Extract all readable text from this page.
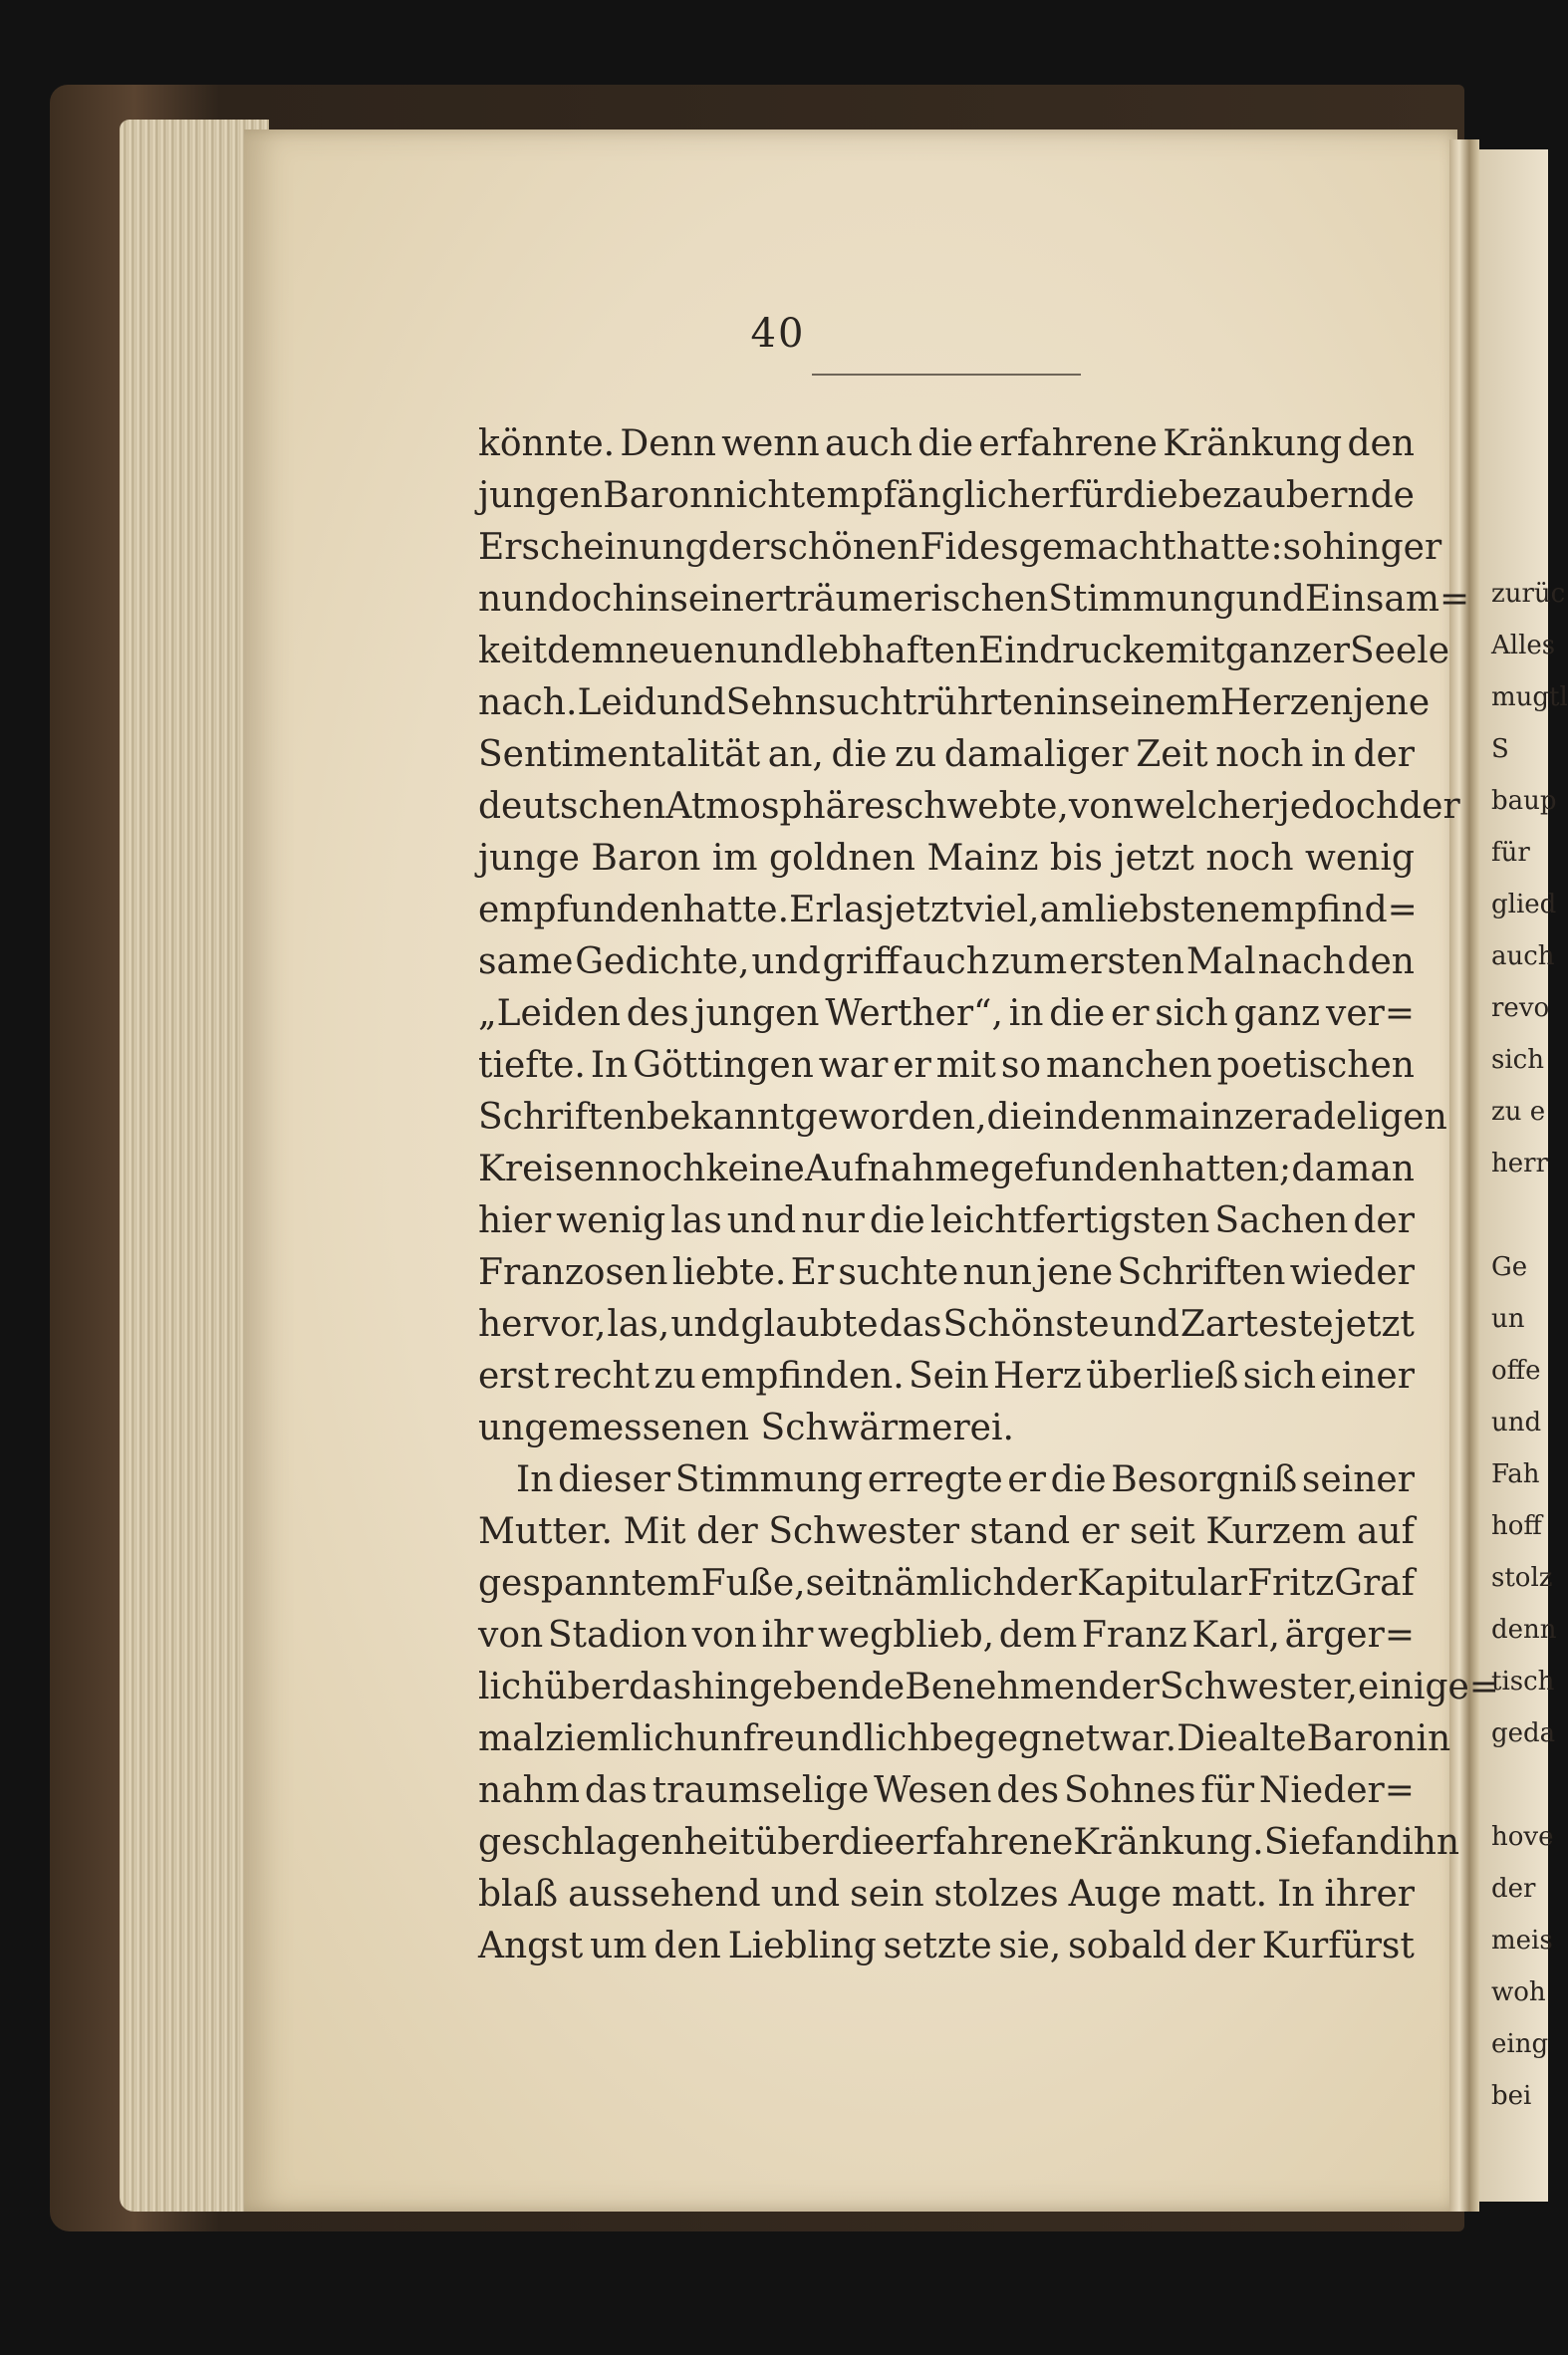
zurüc
Alles
mugtl
S
baup
für
glied
auch
revo
sich
zu e
herr
Ge
un
offe
und
Fah
hoff
stolz
denn
tisch
geda
hove
der
meis
woh
eing
bei
40
könnte. Denn wenn auch die erfahrene Kränkung den
jungen Baron nicht empfänglicher für die bezaubernde
Erscheinung der schönen Fides gemacht hatte: so hing er
nun doch in seiner träumerischen Stimmung und Einsam=
keit dem neuen und lebhaften Eindrucke mit ganzer Seele
nach. Leid und Sehnsucht rührten in seinem Herzen jene
Sentimentalität an, die zu damaliger Zeit noch in der
deutschen Atmosphäre schwebte, von welcher jedoch der
junge Baron im goldnen Mainz bis jetzt noch wenig
empfunden hatte. Er las jetzt viel, am liebsten empfind=
same Gedichte, und griff auch zum ersten Mal nach den
„Leiden des jungen Werther“, in die er sich ganz ver=
tiefte. In Göttingen war er mit so manchen poetischen
Schriften bekannt geworden, die in den mainzer adeligen
Kreisen noch keine Aufnahme gefunden hatten; da man
hier wenig las und nur die leichtfertigsten Sachen der
Franzosen liebte. Er suchte nun jene Schriften wieder
hervor, las, und glaubte das Schönste und Zarteste jetzt
erst recht zu empfinden. Sein Herz überließ sich einer
ungemessenen Schwärmerei.
In dieser Stimmung erregte er die Besorgniß seiner
Mutter. Mit der Schwester stand er seit Kurzem auf
gespanntem Fuße, seit nämlich der Kapitular Fritz Graf
von Stadion von ihr wegblieb, dem Franz Karl, ärger=
lich über das hingebende Benehmen der Schwester, einige=
mal ziemlich unfreundlich begegnet war. Die alte Baronin
nahm das traumselige Wesen des Sohnes für Nieder=
geschlagenheit über die erfahrene Kränkung. Sie fand ihn
blaß aussehend und sein stolzes Auge matt. In ihrer
Angst um den Liebling setzte sie, sobald der Kurfürst
